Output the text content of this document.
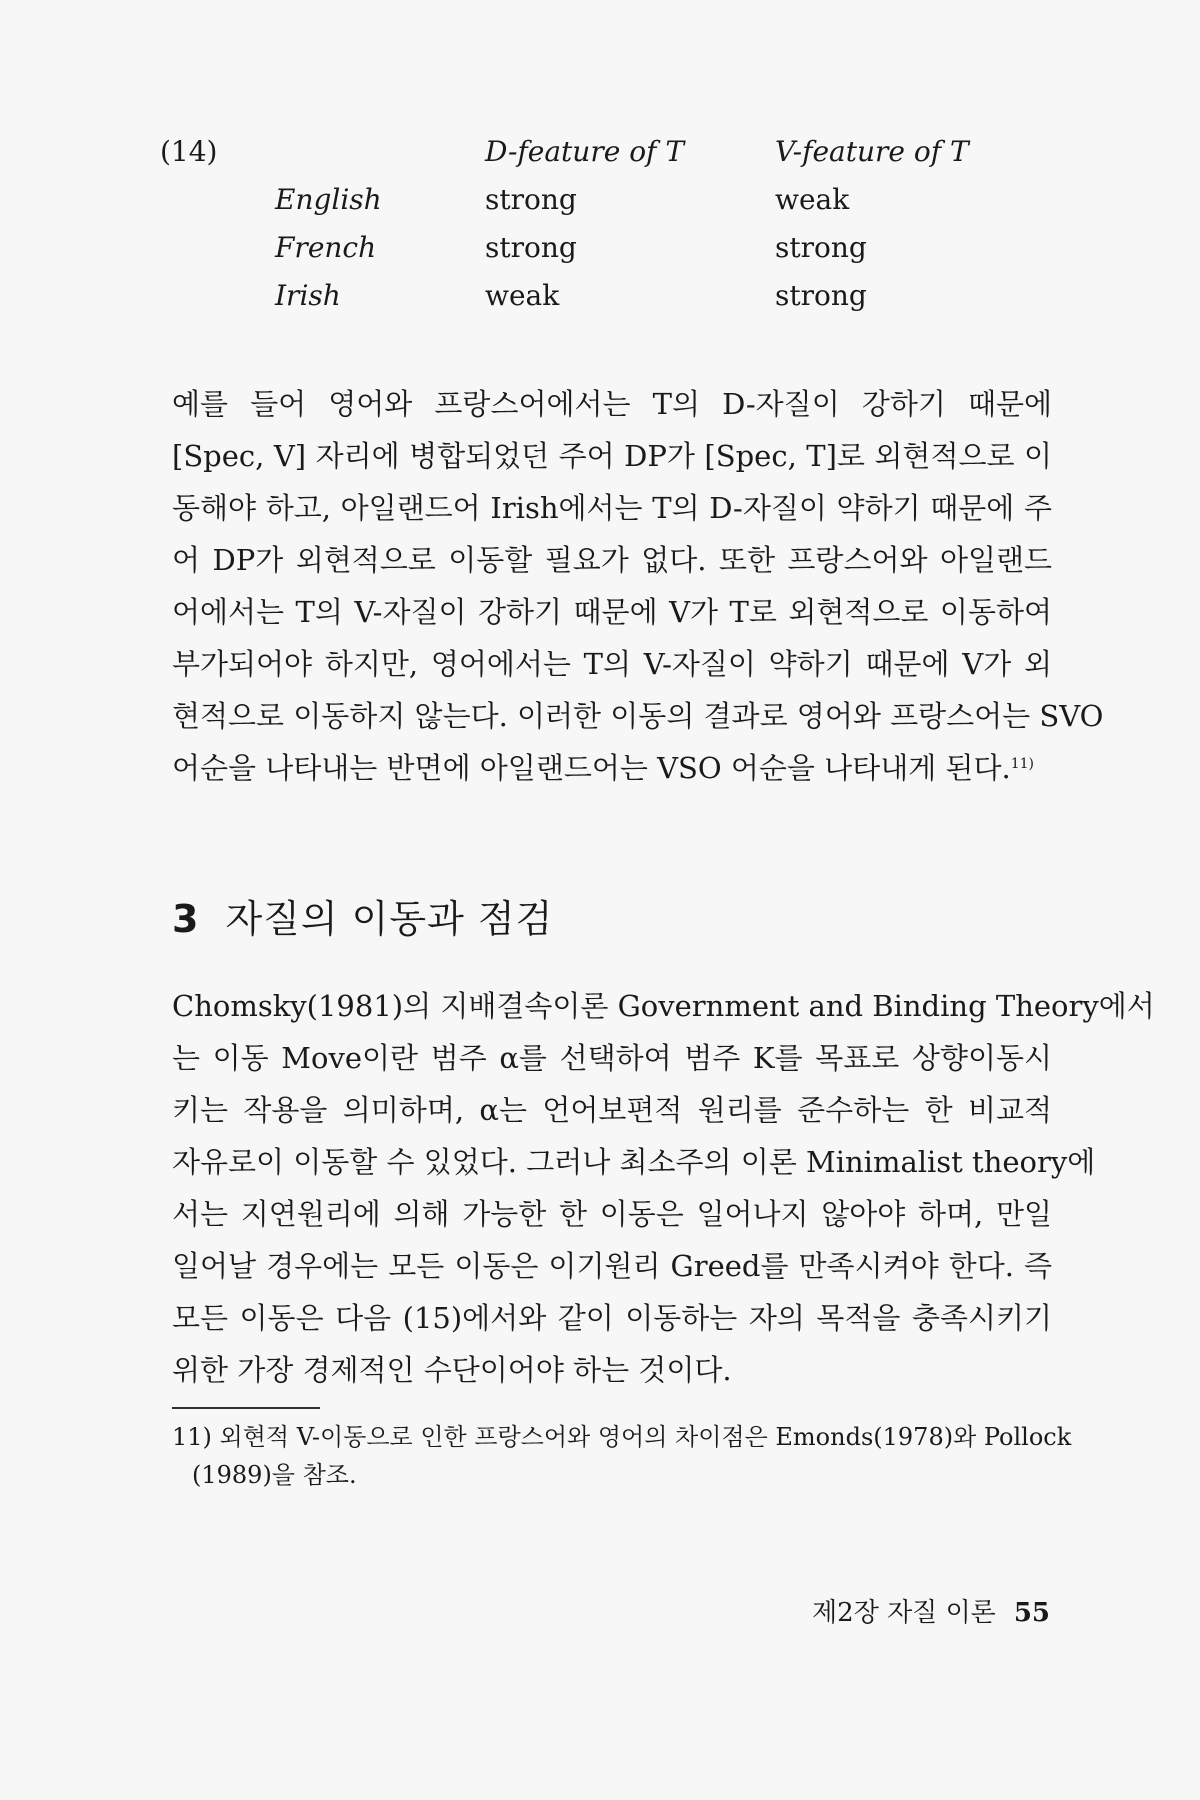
(14)	D-feature of T	V-feature of T
English	strong	weak
French	strong	strong
Irish	weak	strong
예를 들어 영어와 프랑스어에서는 T의 D-자질이 강하기 때문에
[Spec, V] 자리에 병합되었던 주어 DP가 [Spec, T]로 외현적으로 이
동해야 하고, 아일랜드어 Irish에서는 T의 D-자질이 약하기 때문에 주
어 DP가 외현적으로 이동할 필요가 없다. 또한 프랑스어와 아일랜드
어에서는 T의 V-자질이 강하기 때문에 V가 T로 외현적으로 이동하여
부가되어야 하지만, 영어에서는 T의 V-자질이 약하기 때문에 V가 외
현적으로 이동하지 않는다. 이러한 이동의 결과로 영어와 프랑스어는 SVO
어순을 나타내는 반면에 아일랜드어는 VSO 어순을 나타내게 된다.$^{11)}$
3 자질의 이동과 점검
Chomsky(1981)의 지배결속이론 Government and Binding Theory에서
는 이동 Move이란 범주 α를 선택하여 범주 K를 목표로 상향이동시
키는 작용을 의미하며, α는 언어보편적 원리를 준수하는 한 비교적
자유로이 이동할 수 있었다. 그러나 최소주의 이론 Minimalist theory에
서는 지연원리에 의해 가능한 한 이동은 일어나지 않아야 하며, 만일
일어날 경우에는 모든 이동은 이기원리 Greed를 만족시켜야 한다. 즉
모든 이동은 다음 (15)에서와 같이 이동하는 자의 목적을 충족시키기
위한 가장 경제적인 수단이어야 하는 것이다.
11) 외현적 V-이동으로 인한 프랑스어와 영어의 차이점은 Emonds(1978)와 Pollock
(1989)을 참조.
제2장 자질 이론 55
